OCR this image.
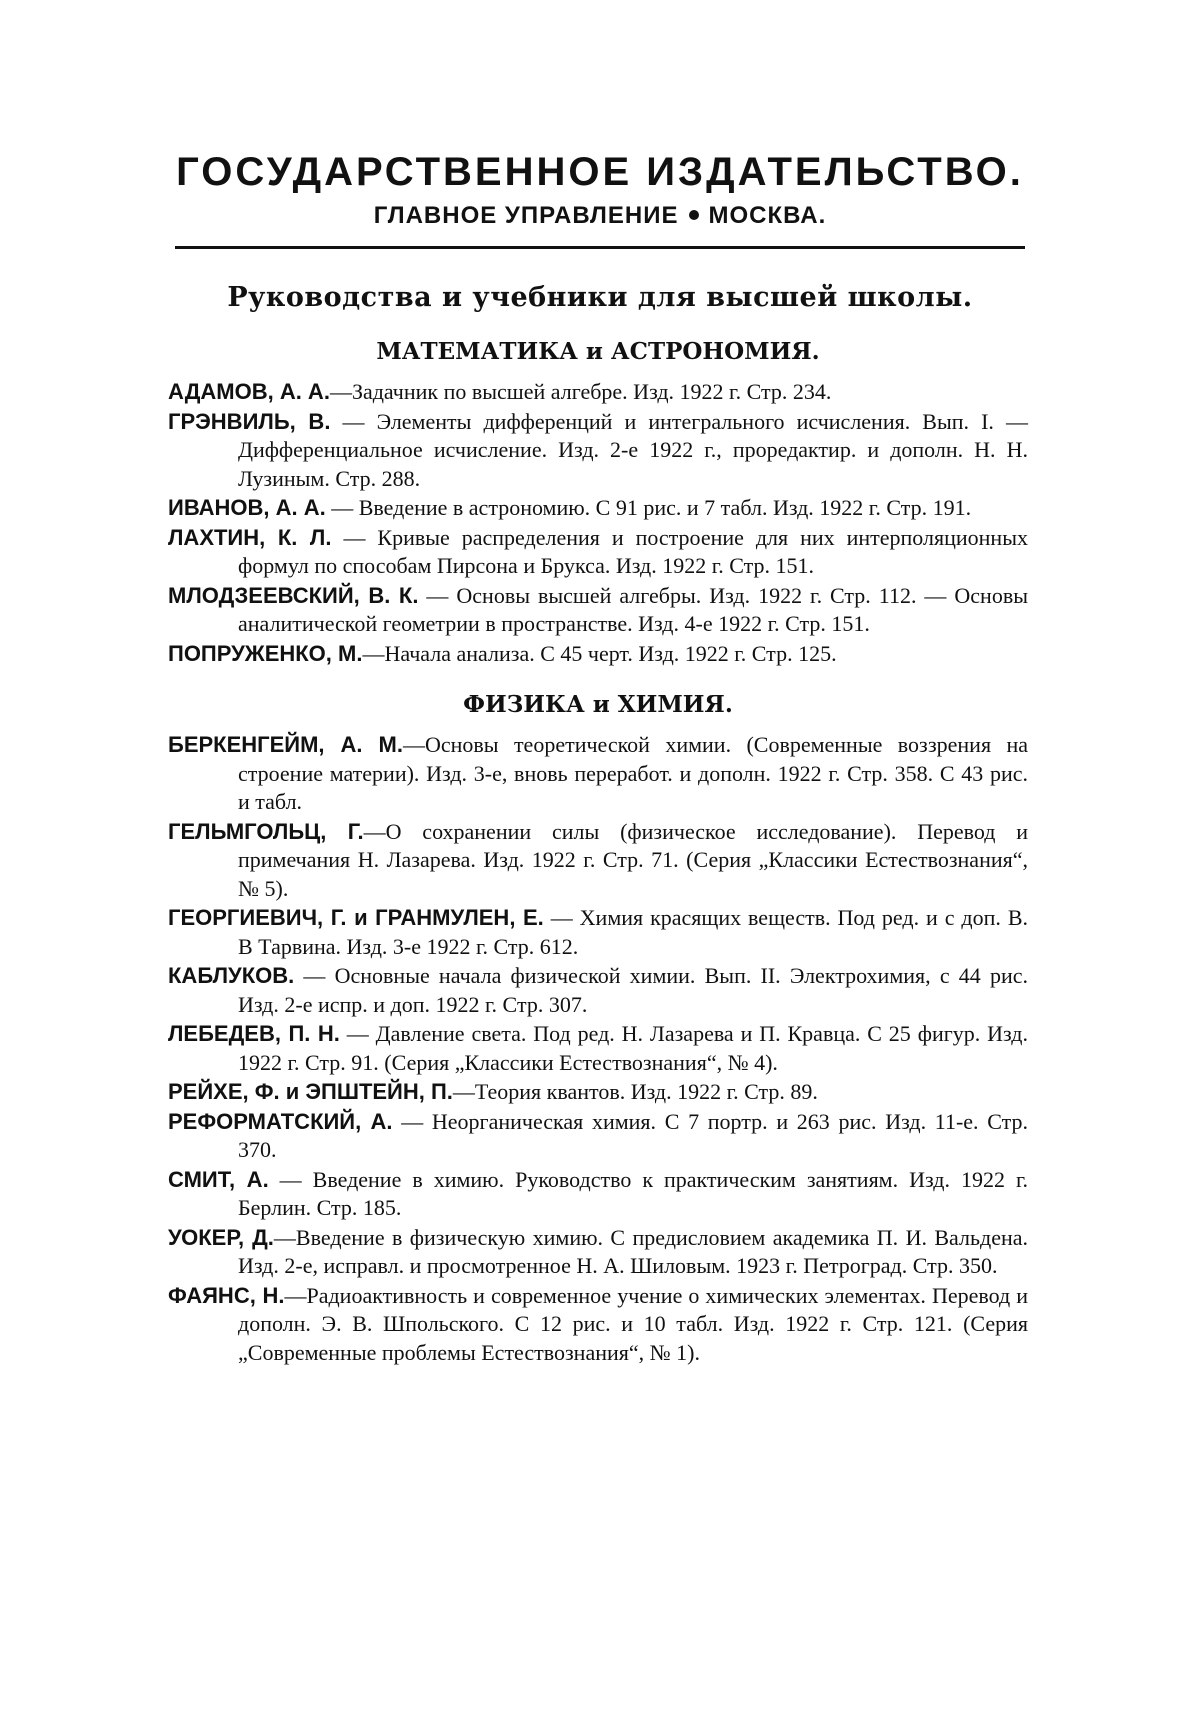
ГОСУДАРСТВЕННОЕ ИЗДАТЕЛЬСТВО.
ГЛАВНОЕ УПРАВЛЕНИЕ МОСКВА.
Руководства и учебники для высшей школы.
МАТЕМАТИКА и АСТРОНОМИЯ.
АДАМОВ, А. А.—Задачник по высшей алгебре. Изд. 1922 г. Стр. 234.
ГРЭНВИЛЬ, В. — Элементы дифференций и интегрального исчисления. Вып. I. — Дифференциальное исчисление. Изд. 2-е 1922 г., проредактир. и дополн. Н. Н. Лузиным. Стр. 288.
ИВАНОВ, А. А. — Введение в астрономию. С 91 рис. и 7 табл. Изд. 1922 г. Стр. 191.
ЛАХТИН, К. Л. — Кривые распределения и построение для них интерполяционных формул по способам Пирсона и Брукса. Изд. 1922 г. Стр. 151.
МЛОДЗЕЕВСКИЙ, В. К. — Основы высшей алгебры. Изд. 1922 г. Стр. 112. — Основы аналитической геометрии в пространстве. Изд. 4-е 1922 г. Стр. 151.
ПОПРУЖЕНКО, М.—Начала анализа. С 45 черт. Изд. 1922 г. Стр. 125.
ФИЗИКА и ХИМИЯ.
БЕРКЕНГЕЙМ, А. М.—Основы теоретической химии. (Современные воззрения на строение материи). Изд. 3-е, вновь переработ. и дополн. 1922 г. Стр. 358. С 43 рис. и табл.
ГЕЛЬМГОЛЬЦ, Г.—О сохранении силы (физическое исследование). Перевод и примечания Н. Лазарева. Изд. 1922 г. Стр. 71. (Серия „Классики Естествознания“, № 5).
ГЕОРГИЕВИЧ, Г. и ГРАНМУЛЕН, Е. — Химия красящих веществ. Под ред. и с доп. В. В Тарвина. Изд. 3-е 1922 г. Стр. 612.
КАБЛУКОВ. — Основные начала физической химии. Вып. II. Электрохимия, с 44 рис. Изд. 2-е испр. и доп. 1922 г. Стр. 307.
ЛЕБЕДЕВ, П. Н. — Давление света. Под ред. Н. Лазарева и П. Кравца. С 25 фигур. Изд. 1922 г. Стр. 91. (Серия „Классики Естествознания“, № 4).
РЕЙХЕ, Ф. и ЭПШТЕЙН, П.—Теория квантов. Изд. 1922 г. Стр. 89.
РЕФОРМАТСКИЙ, А. — Неорганическая химия. С 7 портр. и 263 рис. Изд. 11-е. Стр. 370.
СМИТ, А. — Введение в химию. Руководство к практическим занятиям. Изд. 1922 г. Берлин. Стр. 185.
УОКЕР, Д.—Введение в физическую химию. С предисловием академика П. И. Вальдена. Изд. 2-е, исправл. и просмотренное Н. А. Шиловым. 1923 г. Петроград. Стр. 350.
ФАЯНС, Н.—Радиоактивность и современное учение о химических элементах. Перевод и дополн. Э. В. Шпольского. С 12 рис. и 10 табл. Изд. 1922 г. Стр. 121. (Серия „Современные проблемы Естествознания“, № 1).
